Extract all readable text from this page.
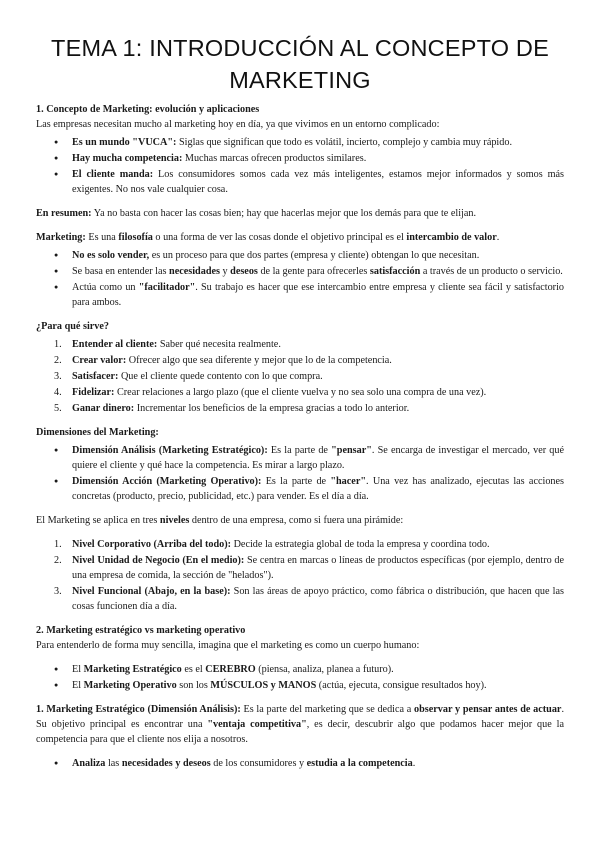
TEMA 1: INTRODUCCIÓN AL CONCEPTO DE MARKETING

1. Concepto de Marketing: evolución y aplicaciones

Las empresas necesitan mucho al marketing hoy en día, ya que vivimos en un entorno complicado:

● Es un mundo "VUCA": Siglas que significan que todo es volátil, incierto, complejo y cambia muy rápido.
● Hay mucha competencia: Muchas marcas ofrecen productos similares.
● El cliente manda: Los consumidores somos cada vez más inteligentes, estamos mejor informados y somos más exigentes. No nos vale cualquier cosa.

En resumen: Ya no basta con hacer las cosas bien; hay que hacerlas mejor que los demás para que te elijan.

Marketing: Es una filosofía o una forma de ver las cosas donde el objetivo principal es el intercambio de valor.

● No es solo vender, es un proceso para que dos partes (empresa y cliente) obtengan lo que necesitan.
● Se basa en entender las necesidades y deseos de la gente para ofrecerles satisfacción a través de un producto o servicio.
● Actúa como un "facilitador". Su trabajo es hacer que ese intercambio entre empresa y cliente sea fácil y satisfactorio para ambos.

¿Para qué sirve?

1. Entender al cliente: Saber qué necesita realmente.
2. Crear valor: Ofrecer algo que sea diferente y mejor que lo de la competencia.
3. Satisfacer: Que el cliente quede contento con lo que compra.
4. Fidelizar: Crear relaciones a largo plazo (que el cliente vuelva y no sea solo una compra de una vez).
5. Ganar dinero: Incrementar los beneficios de la empresa gracias a todo lo anterior.

Dimensiones del Marketing:

● Dimensión Análisis (Marketing Estratégico): Es la parte de "pensar". Se encarga de investigar el mercado, ver qué quiere el cliente y qué hace la competencia. Es mirar a largo plazo.
● Dimensión Acción (Marketing Operativo): Es la parte de "hacer". Una vez has analizado, ejecutas las acciones concretas (producto, precio, publicidad, etc.) para vender. Es el día a día.

El Marketing se aplica en tres niveles dentro de una empresa, como si fuera una pirámide:

1. Nivel Corporativo (Arriba del todo): Decide la estrategia global de toda la empresa y coordina todo.
2. Nivel Unidad de Negocio (En el medio): Se centra en marcas o líneas de productos específicas (por ejemplo, dentro de una empresa de comida, la sección de "helados").
3. Nivel Funcional (Abajo, en la base): Son las áreas de apoyo práctico, como fábrica o distribución, que hacen que las cosas funcionen día a día.

2. Marketing estratégico vs marketing operativo

Para entenderlo de forma muy sencilla, imagina que el marketing es como un cuerpo humano:

● El Marketing Estratégico es el CEREBRO (piensa, analiza, planea a futuro).
● El Marketing Operativo son los MÚSCULOS y MANOS (actúa, ejecuta, consigue resultados hoy).

1. Marketing Estratégico (Dimensión Análisis): Es la parte del marketing que se dedica a observar y pensar antes de actuar. Su objetivo principal es encontrar una "ventaja competitiva", es decir, descubrir algo que podamos hacer mejor que la competencia para que el cliente nos elija a nosotros.

● Analiza las necesidades y deseos de los consumidores y estudia a la competencia.
